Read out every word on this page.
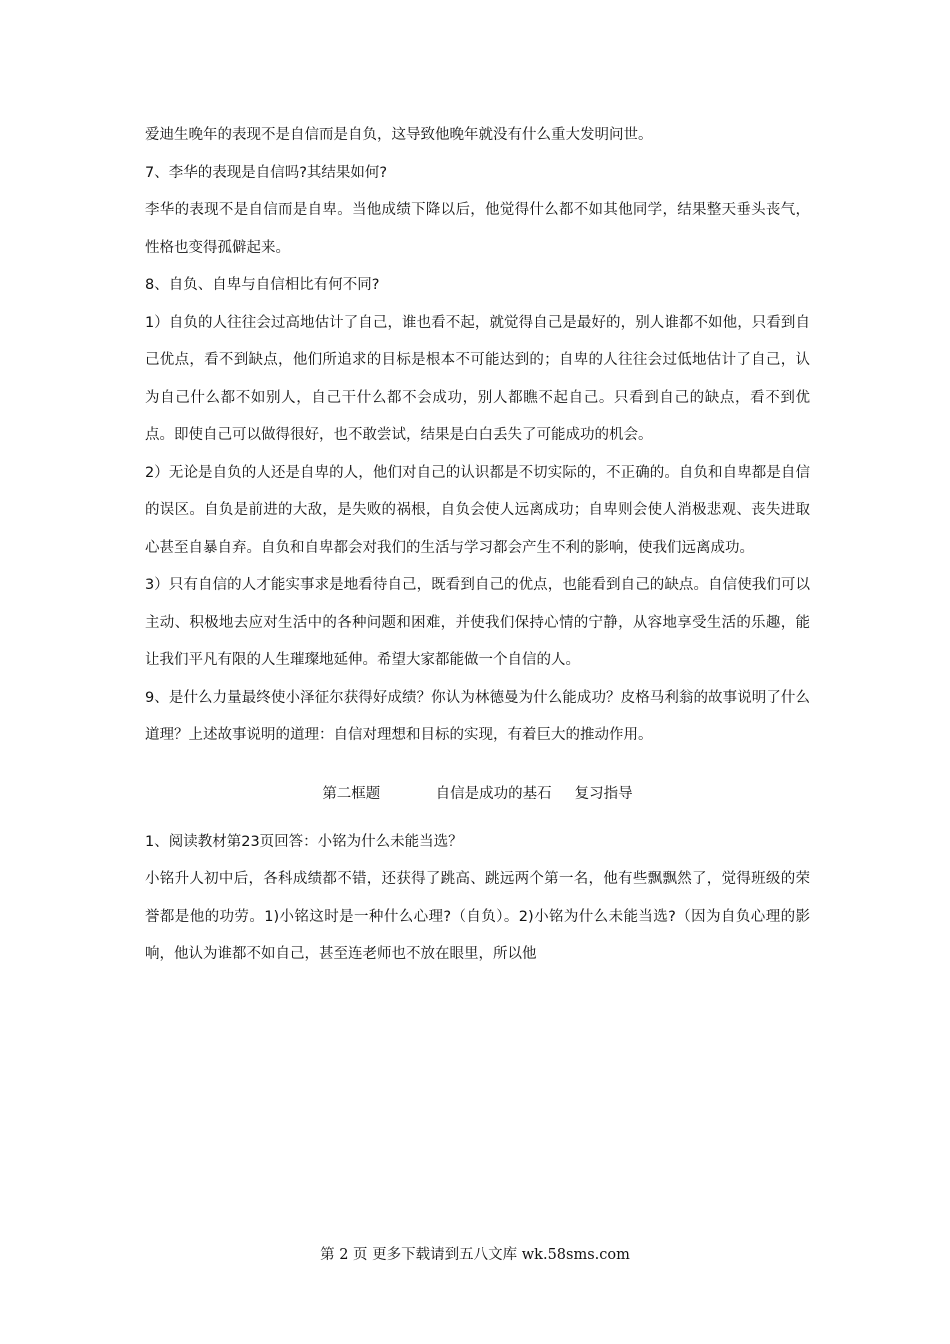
爱迪生晚年的表现不是自信而是自负，这导致他晚年就没有什么重大发明问世。

7、李华的表现是自信吗?其结果如何?

李华的表现不是自信而是自卑。当他成绩下降以后，他觉得什么都不如其他同学，结果整天垂头丧气，性格也变得孤僻起来。

8、自负、自卑与自信相比有何不同?

1）自负的人往往会过高地估计了自己，谁也看不起，就觉得自己是最好的，别人谁都不如他，只看到自己优点，看不到缺点，他们所追求的目标是根本不可能达到的；自卑的人往往会过低地估计了自己，认为自己什么都不如别人，自己干什么都不会成功，别人都瞧不起自己。只看到自己的缺点，看不到优点。即使自己可以做得很好，也不敢尝试，结果是白白丢失了可能成功的机会。

2）无论是自负的人还是自卑的人，他们对自己的认识都是不切实际的，不正确的。自负和自卑都是自信的误区。自负是前进的大敌，是失败的祸根，自负会使人远离成功；自卑则会使人消极悲观、丧失进取心甚至自暴自弃。自负和自卑都会对我们的生活与学习都会产生不利的影响，使我们远离成功。

3）只有自信的人才能实事求是地看待自己，既看到自己的优点，也能看到自己的缺点。自信使我们可以主动、积极地去应对生活中的各种问题和困难，并使我们保持心情的宁静，从容地享受生活的乐趣，能让我们平凡有限的人生璀璨地延伸。希望大家都能做一个自信的人。

9、是什么力量最终使小泽征尔获得好成绩？你认为林德曼为什么能成功？皮格马利翁的故事说明了什么道理？上述故事说明的道理：自信对理想和目标的实现，有着巨大的推动作用。

第二框题	自信是成功的基石 复习指导

1、阅读教材第23页回答：小铭为什么未能当选？

小铭升人初中后，各科成绩都不错，还获得了跳高、跳远两个第一名，他有些飘飘然了，觉得班级的荣誉都是他的功劳。1)小铭这时是一种什么心理?（自负）。2)小铭为什么未能当选?（因为自负心理的影响，他认为谁都不如自己，甚至连老师也不放在眼里，所以他

第 2 页 更多下载请到五八文库 wk.58sms.com
